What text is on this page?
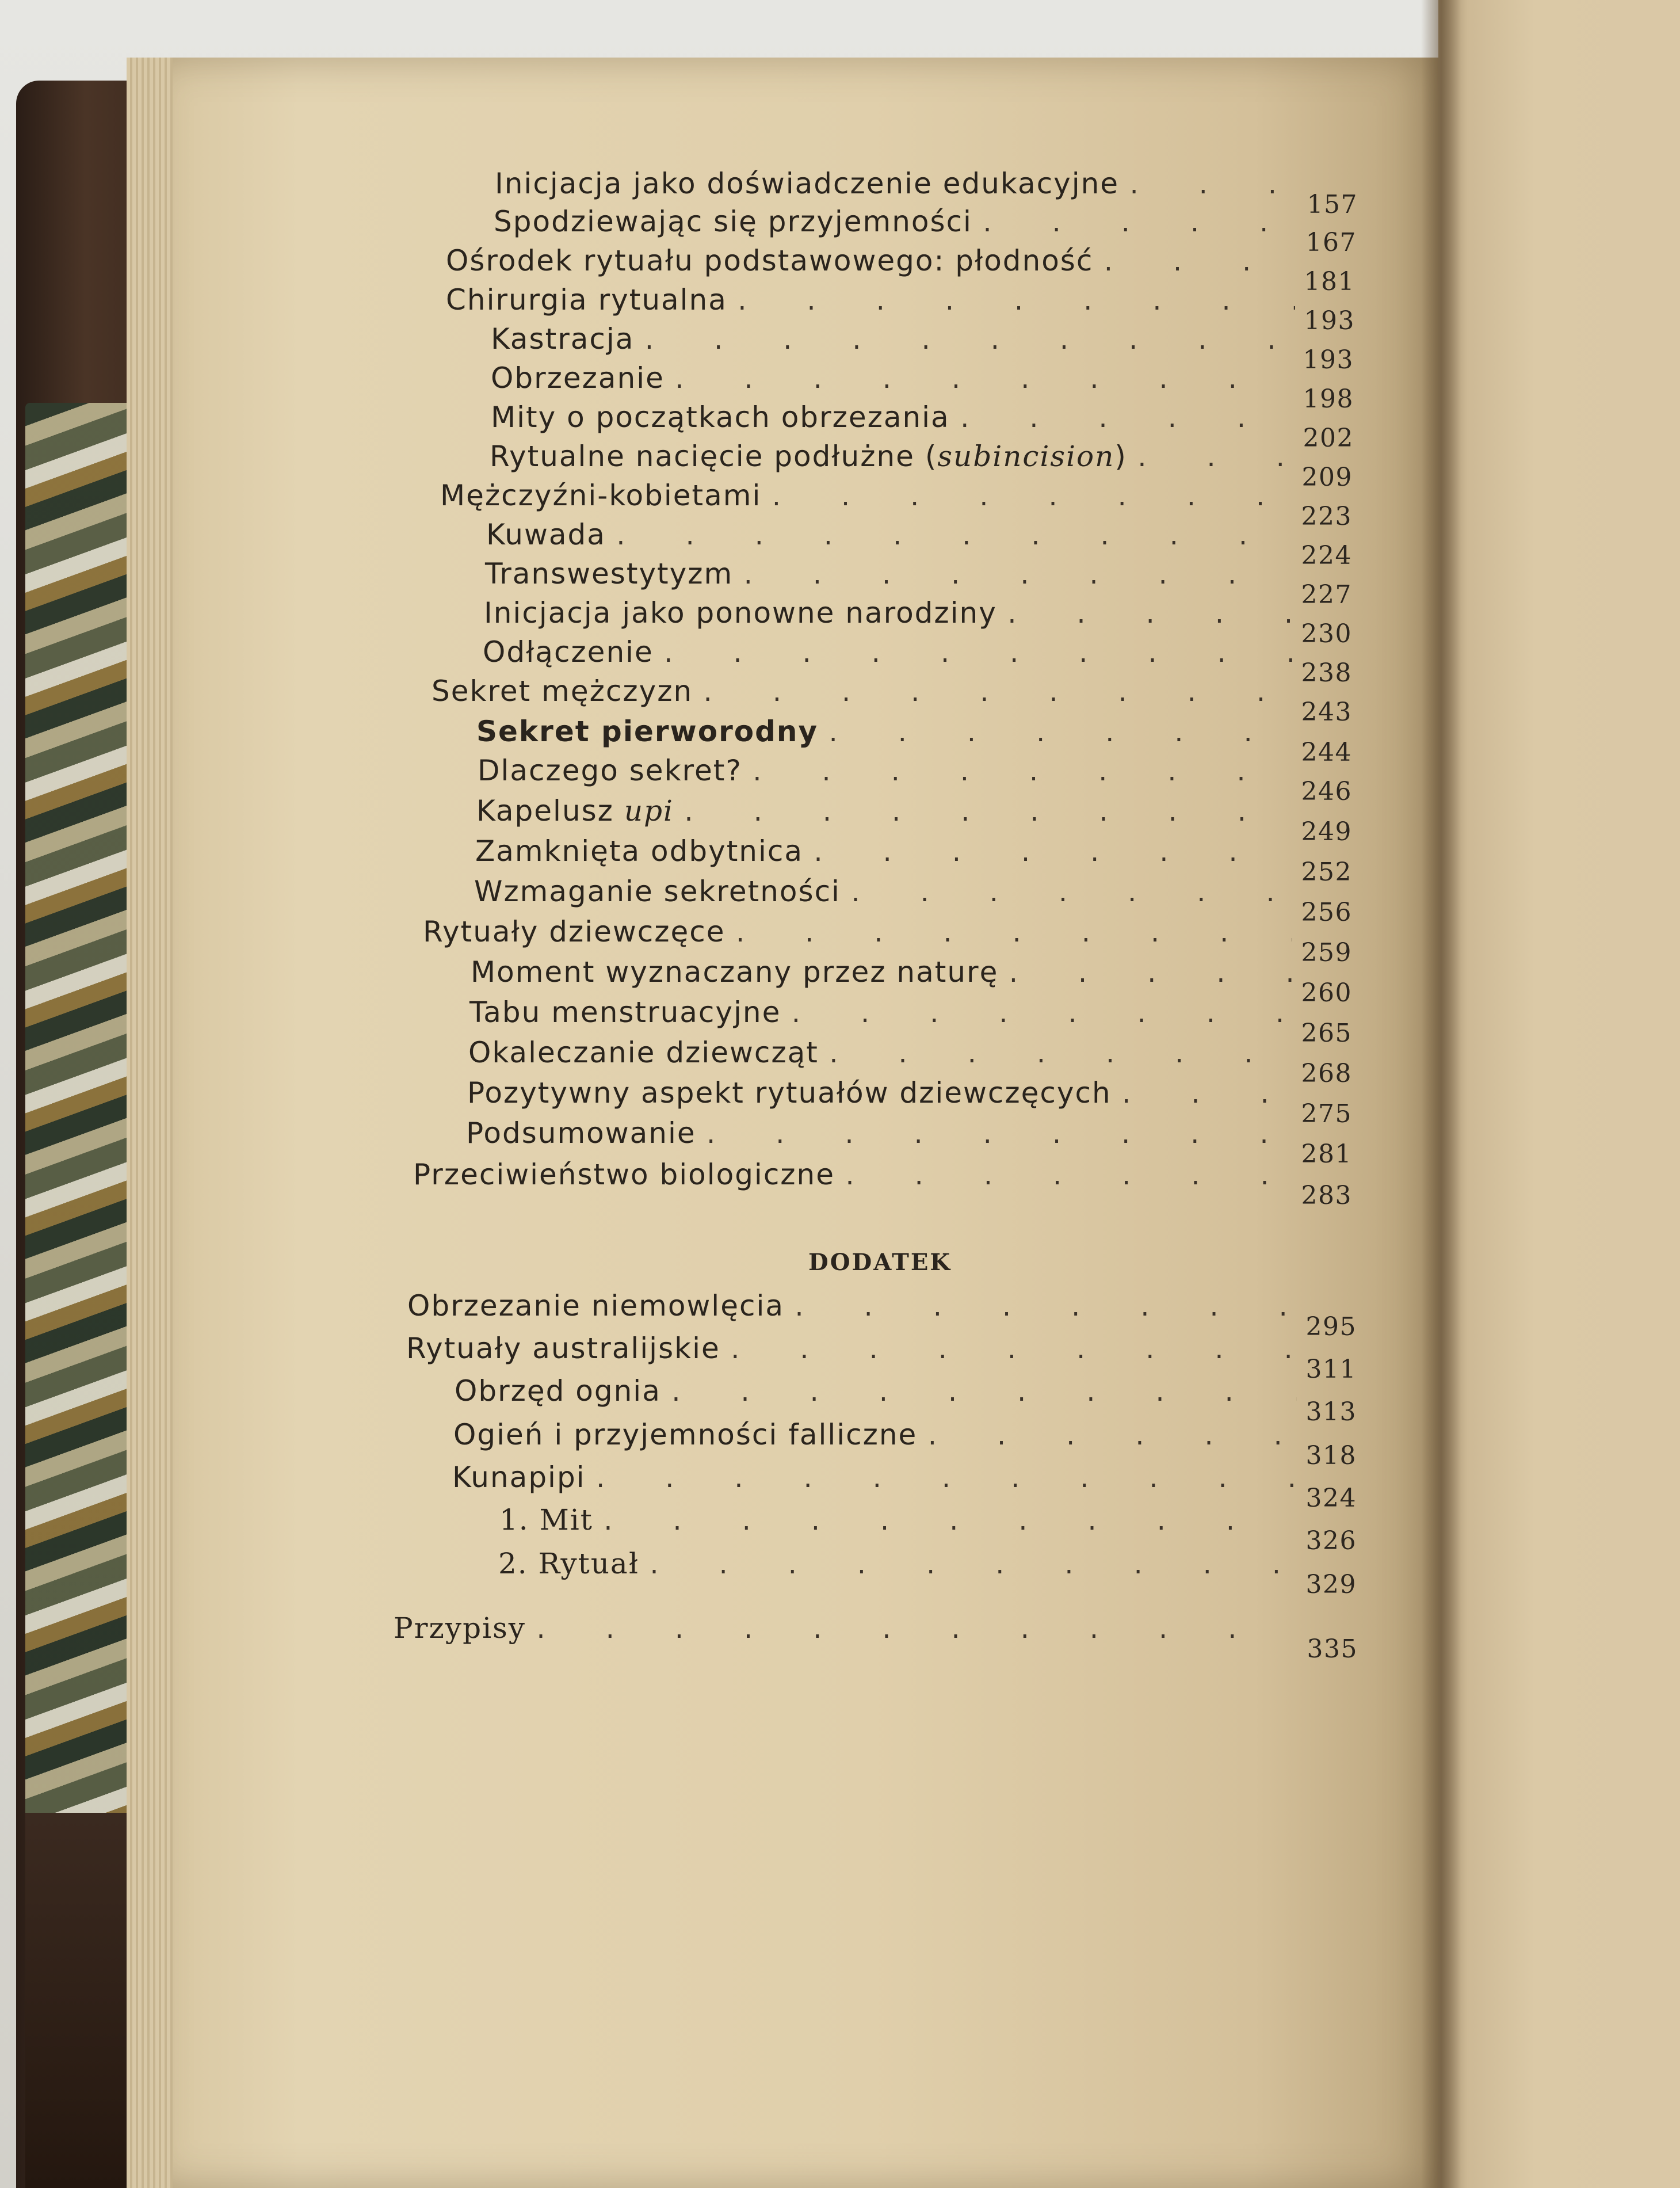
Inicjacja jako doświadczenie edukacyjne
. . .
157
Spodziewając się przyjemności
. . .
167
Ośrodek rytuału podstawowego: płodność
. . .
181
Chirurgia rytualna
. . .
193
Kastracja
. . .
193
Obrzezanie
. . .
198
Mity o początkach obrzezania
. . .
202
Rytualne nacięcie podłużne (subincision)
. . .
209
Mężczyźni-kobietami
. . .
223
Kuwada
. . .
224
Transwestytyzm
. . .
227
Inicjacja jako ponowne narodziny
. . .
230
Odłączenie
. . .
238
Sekret mężczyzn
. . .
243
Sekret pierworodny
. . .
244
Dlaczego sekret?
. . .
246
Kapelusz upi
. . .
249
Zamknięta odbytnica
. . .
252
Wzmaganie sekretności
. . .
256
Rytuały dziewczęce
. . .
259
Moment wyznaczany przez naturę
. . .
260
Tabu menstruacyjne
. . .
265
Okaleczanie dziewcząt
. . .
268
Pozytywny aspekt rytuałów dziewczęcych
. . .
275
Podsumowanie
. . .
281
Przeciwieństwo biologiczne
. . .
283
DODATEK
Obrzezanie niemowlęcia
. . .
295
Rytuały australijskie
. . .
311
Obrzęd ognia
. . .
313
Ogień i przyjemności falliczne
. . .
318
Kunapipi
. . .
324
1. Mit
. . .
326
2. Rytuał
. . .
329
Przypisy
. . .
335
